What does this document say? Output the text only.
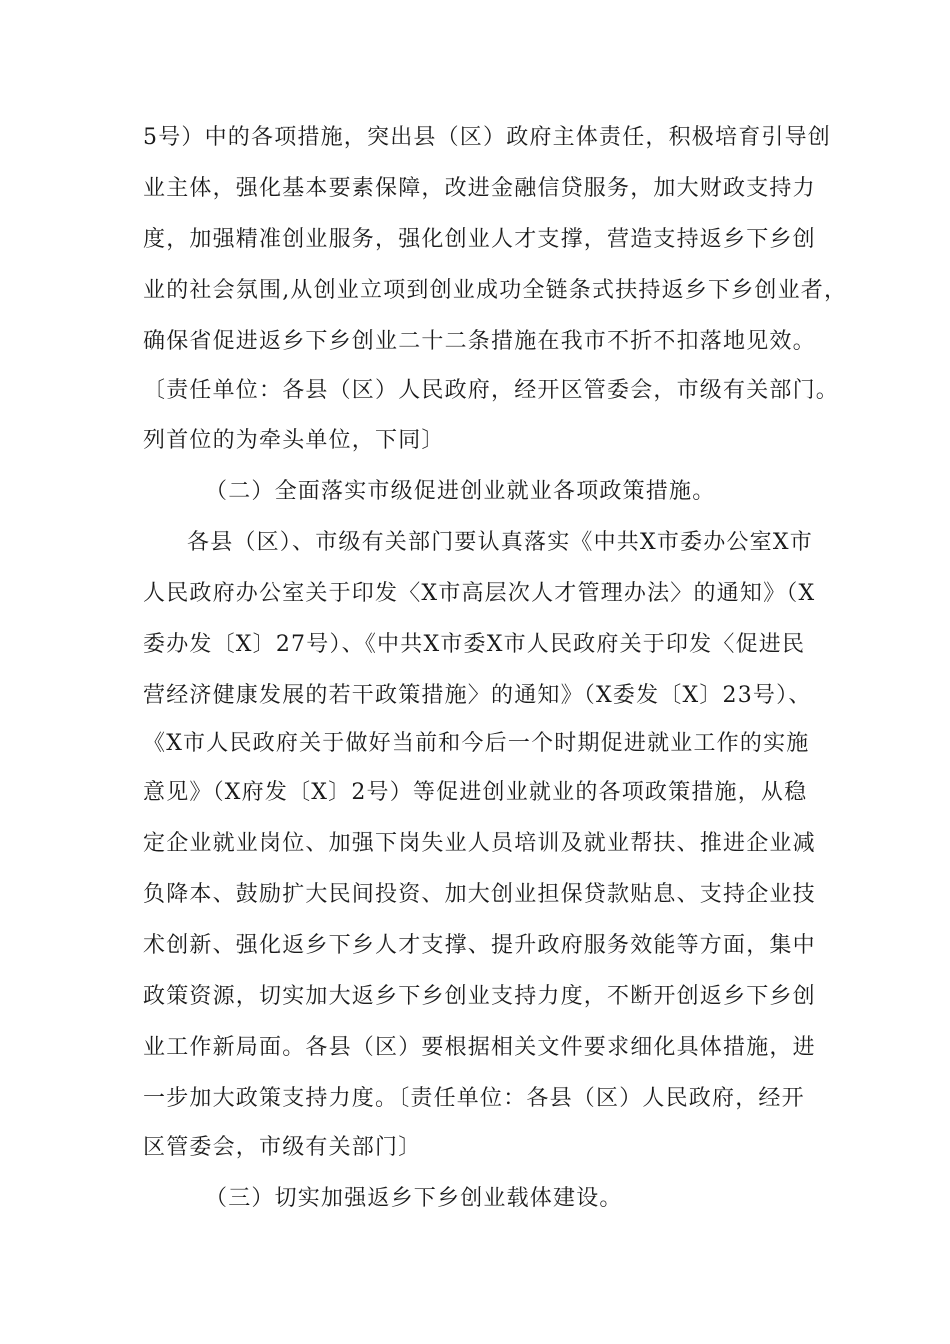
5号）中的各项措施，突出县（区）政府主体责任，积极培育引导创
业主体，强化基本要素保障，改进金融信贷服务，加大财政支持力
度，加强精准创业服务，强化创业人才支撑，营造支持返乡下乡创
业的社会氛围,从创业立项到创业成功全链条式扶持返乡下乡创业者，
确保省促进返乡下乡创业二十二条措施在我市不折不扣落地见效。
〔责任单位：各县（区）人民政府，经开区管委会，市级有关部门。
列首位的为牵头单位，下同〕
（二）全面落实市级促进创业就业各项政策措施。
各县（区）、市级有关部门要认真落实《中共X市委办公室X市
人民政府办公室关于印发〈X市高层次人才管理办法〉的通知》（X
委办发〔X〕27号）、《中共X市委X市人民政府关于印发〈促进民
营经济健康发展的若干政策措施〉的通知》（X委发〔X〕23号）、
《X市人民政府关于做好当前和今后一个时期促进就业工作的实施
意见》（X府发〔X〕2号）等促进创业就业的各项政策措施，从稳
定企业就业岗位、加强下岗失业人员培训及就业帮扶、推进企业减
负降本、鼓励扩大民间投资、加大创业担保贷款贴息、支持企业技
术创新、强化返乡下乡人才支撑、提升政府服务效能等方面，集中
政策资源，切实加大返乡下乡创业支持力度，不断开创返乡下乡创
业工作新局面。各县（区）要根据相关文件要求细化具体措施，进
一步加大政策支持力度。〔责任单位：各县（区）人民政府，经开
区管委会，市级有关部门〕
（三）切实加强返乡下乡创业载体建设。
